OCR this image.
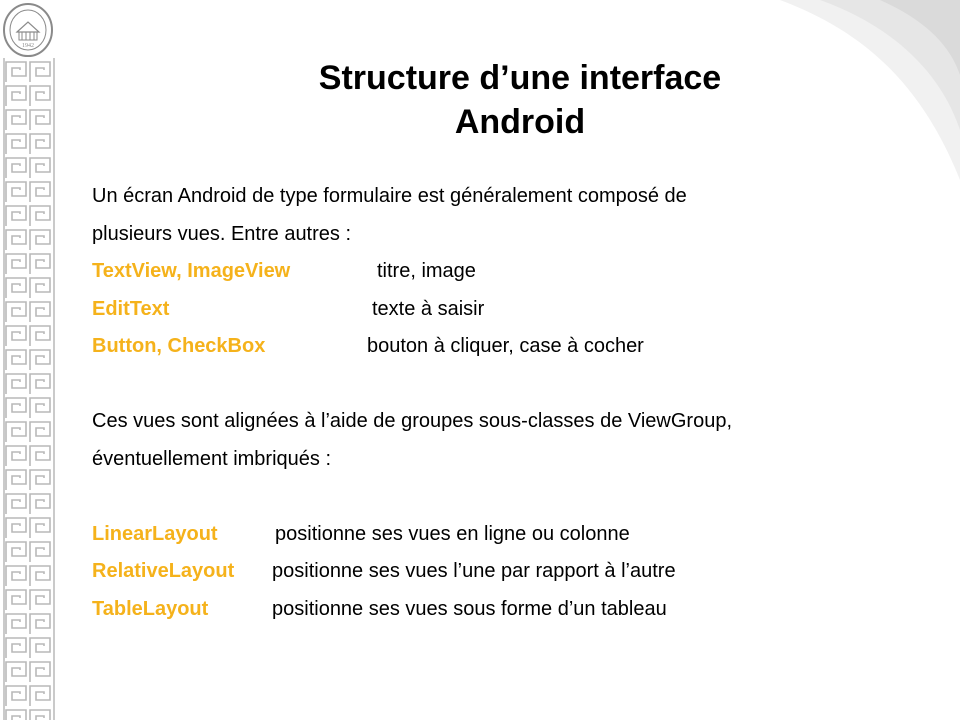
1942
Structure d’une interface
Android
Un écran Android de type formulaire est généralement composé de
plusieurs vues. Entre autres :
TextView, ImageView	titre, image
EditText	texte à saisir
Button, CheckBox	bouton à cliquer, case à cocher
Ces vues sont alignées à l’aide de groupes sous-classes de ViewGroup,
éventuellement imbriqués :
LinearLayout	positionne ses vues en ligne ou colonne
RelativeLayout positionne ses vues l’une par rapport à l’autre
TableLayout	positionne ses vues sous forme d’un tableau
